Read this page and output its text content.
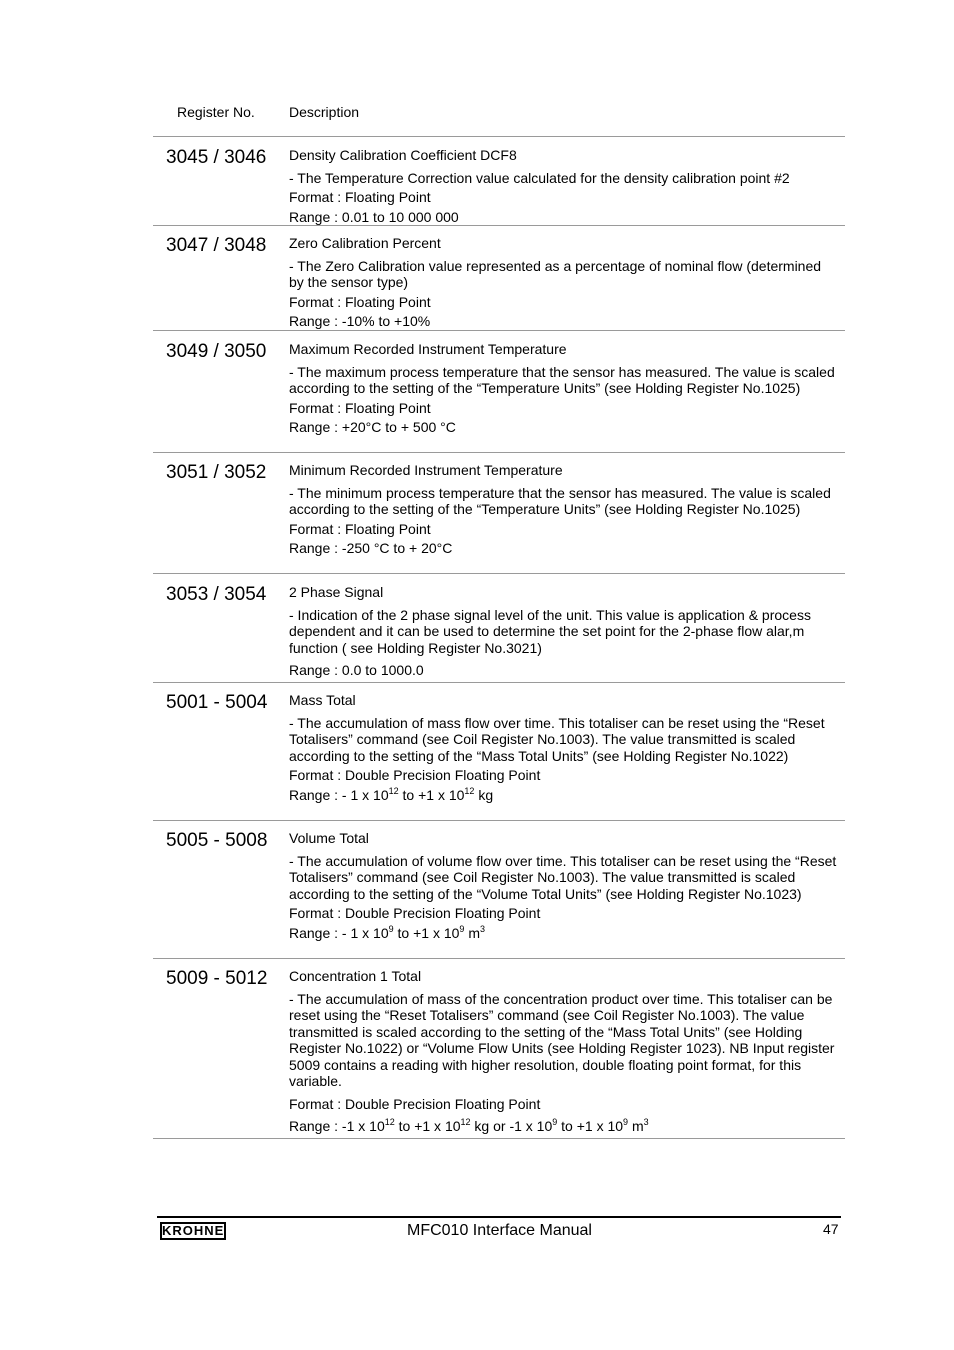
Register No. Description
3045 / 3046 Density Calibration Coefficient DCF8

- The Temperature Correction value calculated for the density calibration point #2

Format : Floating Point

Range : 0.01 to 10 000 000

3047 / 3048 Zero Calibration Percent

- The Zero Calibration value represented as a percentage of nominal flow (determined by the sensor type)

Format : Floating Point

Range : -10% to +10%

3049 / 3050 Maximum Recorded Instrument Temperature

- The maximum process temperature that the sensor has measured. The value is scaled according to the setting of the “Temperature Units” (see Holding Register No.1025)

Format : Floating Point

Range : +20°C to + 500 °C

3051 / 3052 Minimum Recorded Instrument Temperature

- The minimum process temperature that the sensor has measured. The value is scaled according to the setting of the “Temperature Units” (see Holding Register No.1025)

Format : Floating Point

Range : -250 °C to + 20°C

3053 / 3054 2 Phase Signal

- Indication of the 2 phase signal level of the unit. This value is application & process dependent and it can be used to determine the set point for the 2-phase flow alar,m function ( see Holding Register No.3021)

Range : 0.0 to 1000.0

5001 - 5004 Mass Total

- The accumulation of mass flow over time. This totaliser can be reset using the “Reset Totalisers” command (see Coil Register No.1003). The value transmitted is scaled according to the setting of the “Mass Total Units” (see Holding Register No.1022)

Format : Double Precision Floating Point

Range : - 1 x $10^{12}$ to +1 x $10^{12}$ kg

5005 - 5008 Volume Total

- The accumulation of volume flow over time. This totaliser can be reset using the “Reset Totalisers” command (see Coil Register No.1003). The value transmitted is scaled according to the setting of the “Volume Total Units” (see Holding Register No.1023)

Format : Double Precision Floating Point

Range : - 1 x $10^9$ to +1 x $10^9$ $m^3$

5009 - 5012 Concentration 1 Total

- The accumulation of mass of the concentration product over time. This totaliser can be reset using the “Reset Totalisers” command (see Coil Register No.1003). The value transmitted is scaled according to the setting of the “Mass Total Units” (see Holding Register No.1022) or “Volume Flow Units (see Holding Register 1023). NB Input register 5009 contains a reading with higher resolution, double floating point format, for this variable.

Format : Double Precision Floating Point

Range : -1 x $10^{12}$ to +1 x $10^{12}$ kg or -1 x $10^9$ to +1 x $10^9$ $m^3$

KROHNE	MFC010 Interface Manual	47
